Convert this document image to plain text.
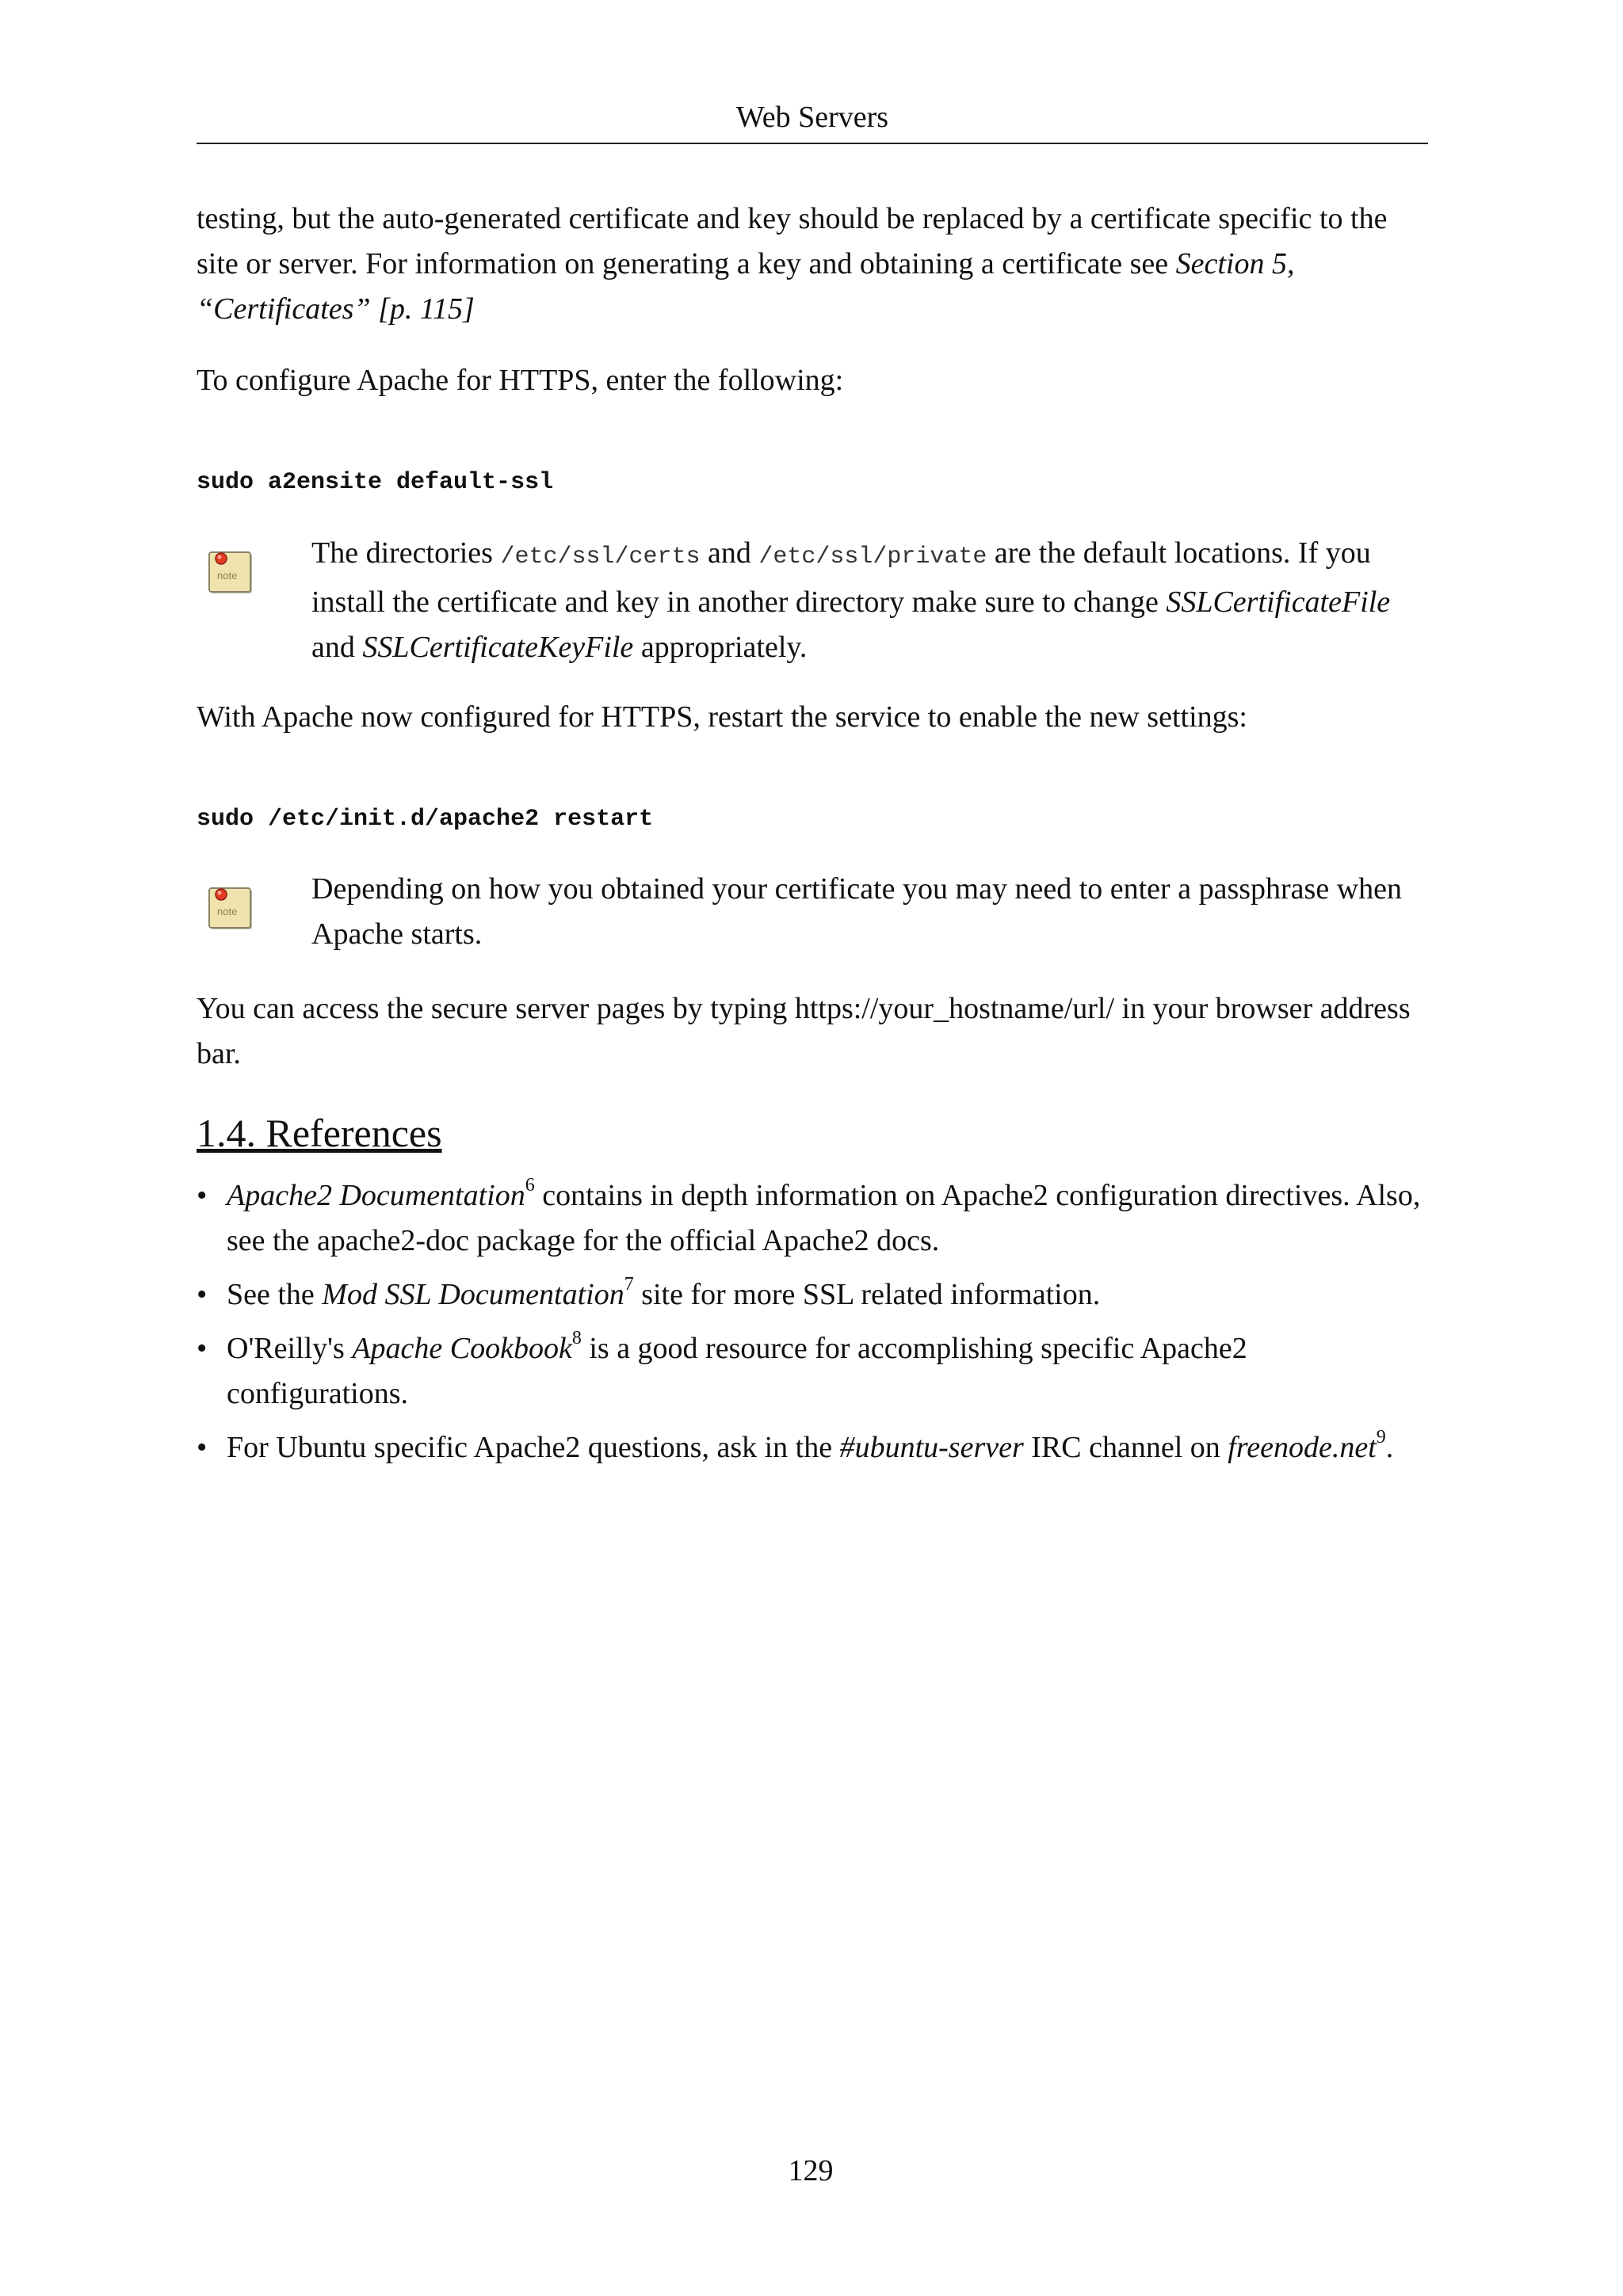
Web Servers

testing, but the auto-generated certificate and key should be replaced by a certificate specific to the site or server. For information on generating a key and obtaining a certificate see Section 5, “Certificates” [p. 115]

To configure Apache for HTTPS, enter the following:

sudo a2ensite default-ssl
note

The directories /etc/ssl/certs and /etc/ssl/private are the default locations. If you install the certificate and key in another directory make sure to change SSLCertificateFile and SSLCertificateKeyFile appropriately.

With Apache now configured for HTTPS, restart the service to enable the new settings:

sudo /etc/init.d/apache2 restart
note

Depending on how you obtained your certificate you may need to enter a passphrase when Apache starts.

You can access the secure server pages by typing https://your_hostname/url/ in your browser address bar.

1.4. References
• Apache2 Documentation$^6$ contains in depth information on Apache2 configuration directives. Also, see the apache2-doc package for the official Apache2 docs.
• See the Mod SSL Documentation$^7$ site for more SSL related information.
• O'Reilly's Apache Cookbook$^8$ is a good resource for accomplishing specific Apache2 configurations.
• For Ubuntu specific Apache2 questions, ask in the #ubuntu-server IRC channel on freenode.net$^9$.
129
